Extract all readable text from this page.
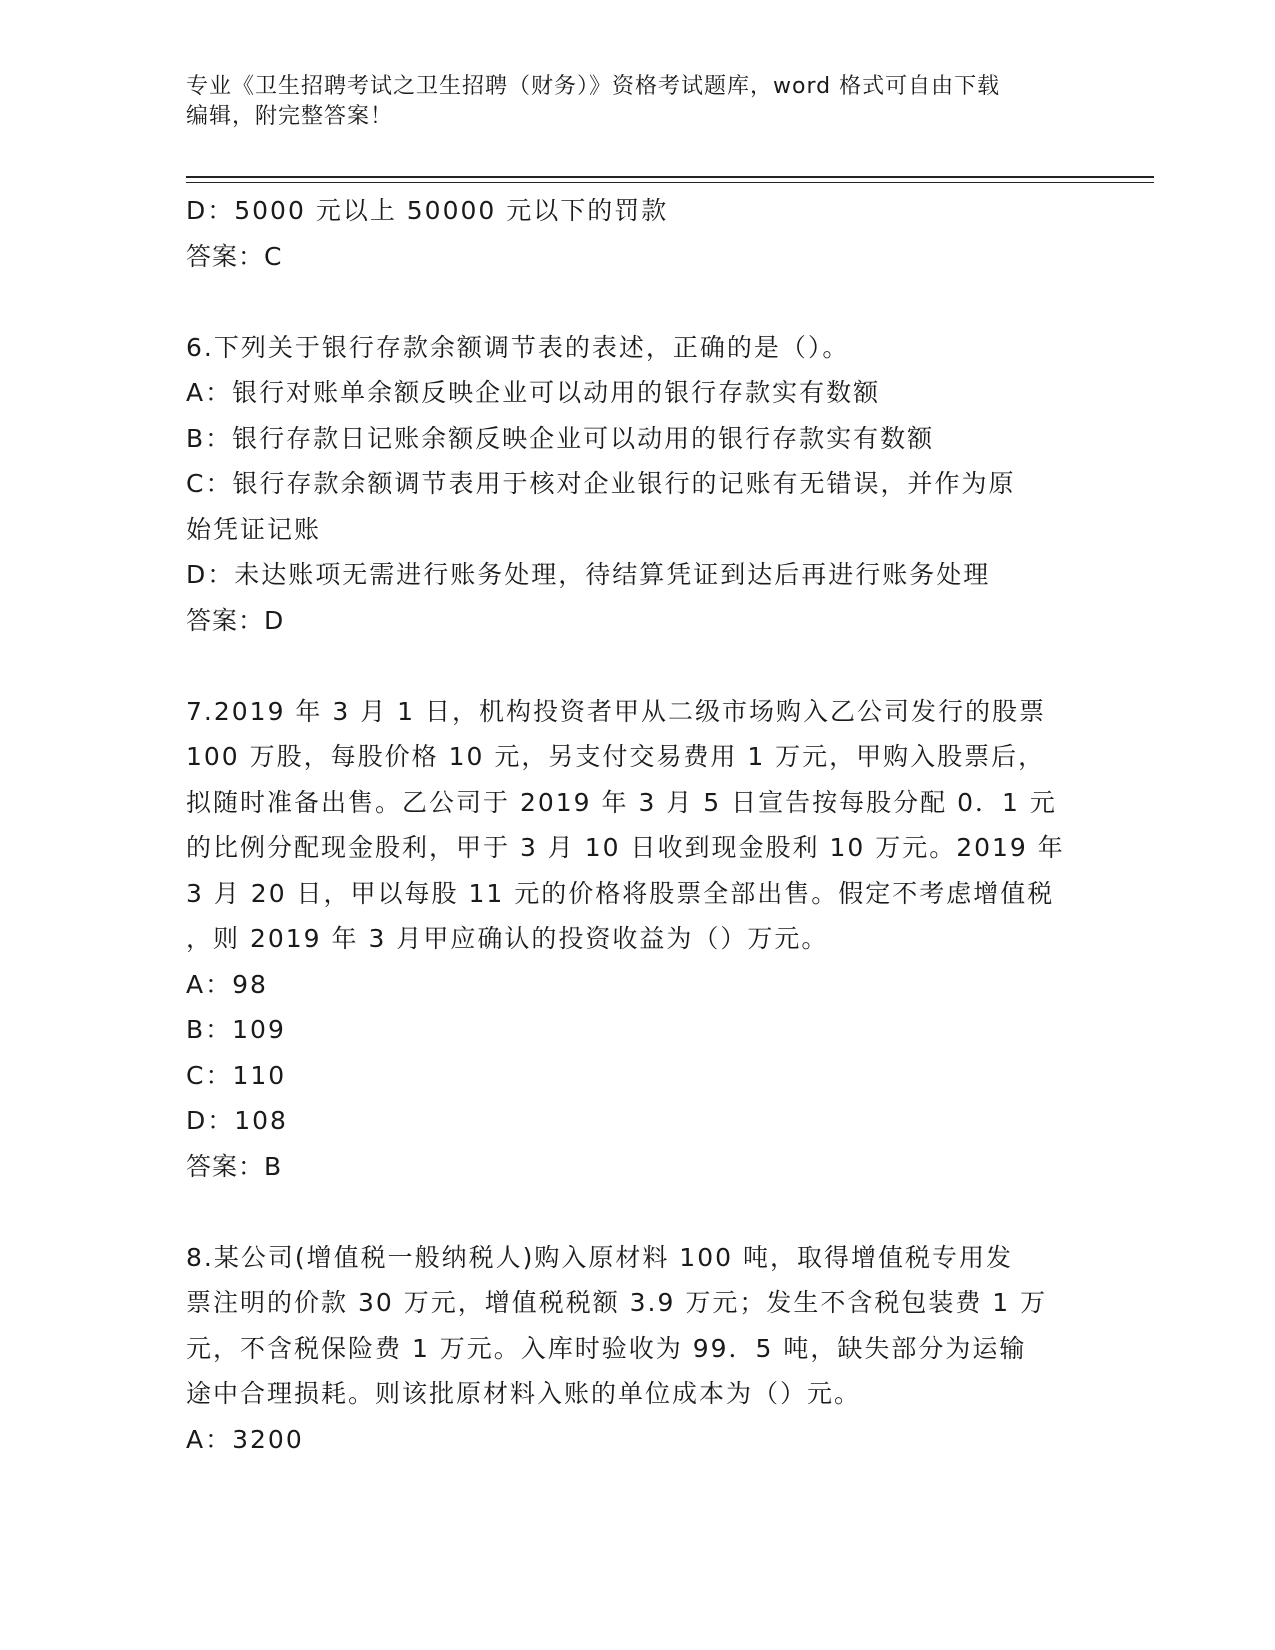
专业《卫生招聘考试之卫生招聘（财务）》资格考试题库，word 格式可自由下载
编辑，附完整答案！
D：5000 元以上 50000 元以下的罚款
答案：C
6.下列关于银行存款余额调节表的表述，正确的是（）。
A：银行对账单余额反映企业可以动用的银行存款实有数额
B：银行存款日记账余额反映企业可以动用的银行存款实有数额
C：银行存款余额调节表用于核对企业银行的记账有无错误，并作为原
始凭证记账
D：未达账项无需进行账务处理，待结算凭证到达后再进行账务处理
答案：D
7.2019 年 3 月 1 日，机构投资者甲从二级市场购入乙公司发行的股票
100 万股，每股价格 10 元，另支付交易费用 1 万元，甲购入股票后，
拟随时准备出售。乙公司于 2019 年 3 月 5 日宣告按每股分配 0．1 元
的比例分配现金股利，甲于 3 月 10 日收到现金股利 10 万元。2019 年
3 月 20 日，甲以每股 11 元的价格将股票全部出售。假定不考虑增值税
，则 2019 年 3 月甲应确认的投资收益为（）万元。
A：98
B：109
C：110
D：108
答案：B
8.某公司(增值税一般纳税人)购入原材料 100 吨，取得增值税专用发
票注明的价款 30 万元，增值税税额 3.9 万元；发生不含税包装费 1 万
元，不含税保险费 1 万元。入库时验收为 99．5 吨，缺失部分为运输
途中合理损耗。则该批原材料入账的单位成本为（）元。
A：3200
